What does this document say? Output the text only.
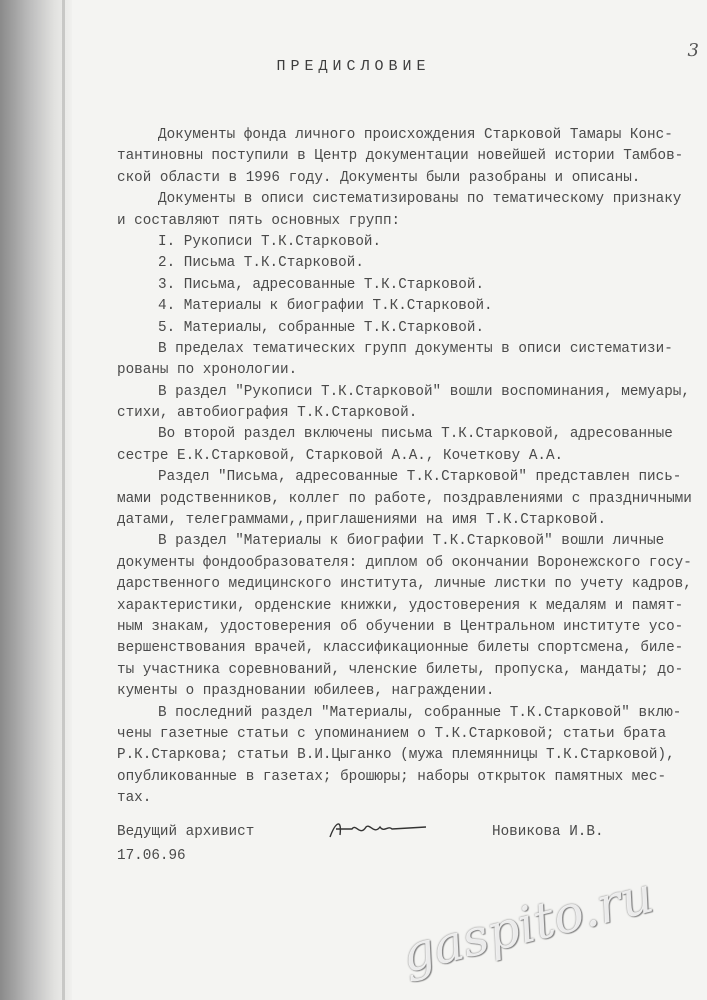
3
ПРЕДИСЛОВИЕ
Документы фонда личного происхождения Старковой Тамары Конс-
тантиновны поступили в Центр документации новейшей истории Тамбов-
ской области в 1996 году. Документы были разобраны и описаны.
Документы в описи систематизированы по тематическому признаку
и составляют пять основных групп:
I. Рукописи Т.К.Старковой.
2. Письма Т.К.Старковой.
3. Письма, адресованные Т.К.Старковой.
4. Материалы к биографии Т.К.Старковой.
5. Материалы, собранные Т.К.Старковой.
В пределах тематических групп документы в описи систематизи-
рованы по хронологии.
В раздел "Рукописи Т.К.Старковой" вошли воспоминания, мемуары,
стихи, автобиография Т.К.Старковой.
Во второй раздел включены письма Т.К.Старковой, адресованные
сестре Е.К.Старковой, Старковой А.А., Кочеткову А.А.
Раздел "Письма, адресованные Т.К.Старковой" представлен пись-
мами родственников, коллег по работе, поздравлениями с праздничными
датами, телеграммами,,приглашениями на имя Т.К.Старковой.
В раздел "Материалы к биографии Т.К.Старковой" вошли личные
документы фондообразователя: диплом об окончании Воронежского госу-
дарственного медицинского института, личные листки по учету кадров,
характеристики, орденские книжки, удостоверения к медалям и памят-
ным знакам, удостоверения об обучении в Центральном институте усо-
вершенствования врачей, классификационные билеты спортсмена, биле-
ты участника соревнований, членские билеты, пропуска, мандаты; до-
кументы о праздновании юбилеев, награждении.
В последний раздел "Материалы, собранные Т.К.Старковой" вклю-
чены газетные статьи с упоминанием о Т.К.Старковой; статьи брата
Р.К.Старкова; статьи В.И.Цыганко (мужа племянницы Т.К.Старковой),
опубликованные в газетах; брошюры; наборы открыток памятных мес-
тах.
Ведущий архивист
17.06.96
Новикова И.В.
gaspito.ru
